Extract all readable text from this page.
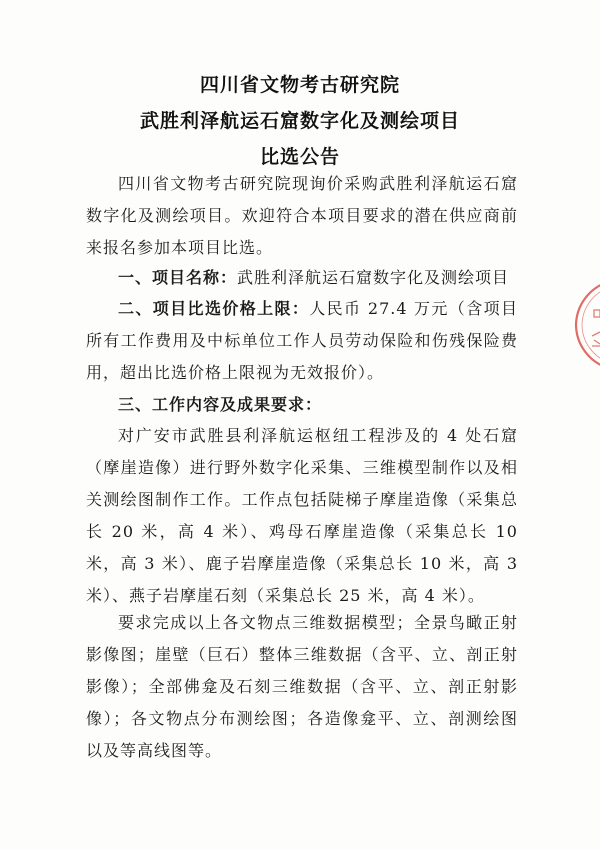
四川省文物考古研究院
武胜利泽航运石窟数字化及测绘项目
比选公告

四川省文物考古研究院现询价采购武胜利泽航运石窟数字化及测绘项目。欢迎符合本项目要求的潜在供应商前来报名参加本项目比选。

一、项目名称：武胜利泽航运石窟数字化及测绘项目

二、项目比选价格上限：人民币 27.4 万元（含项目所有工作费用及中标单位工作人员劳动保险和伤残保险费用，超出比选价格上限视为无效报价）。

三、工作内容及成果要求：

对广安市武胜县利泽航运枢纽工程涉及的 4 处石窟（摩崖造像）进行野外数字化采集、三维模型制作以及相关测绘图制作工作。工作点包括陡梯子摩崖造像（采集总长 20 米，高 4 米）、鸡母石摩崖造像（采集总长 10 米，高 3 米）、鹿子岩摩崖造像（采集总长 10 米，高 3 米）、燕子岩摩崖石刻（采集总长 25 米，高 4 米）。

要求完成以上各文物点三维数据模型；全景鸟瞰正射影像图；崖壁（巨石）整体三维数据（含平、立、剖正射影像）；全部佛龛及石刻三维数据（含平、立、剖正射影像）；各文物点分布测绘图；各造像龛平、立、剖测绘图以及等高线图等。
